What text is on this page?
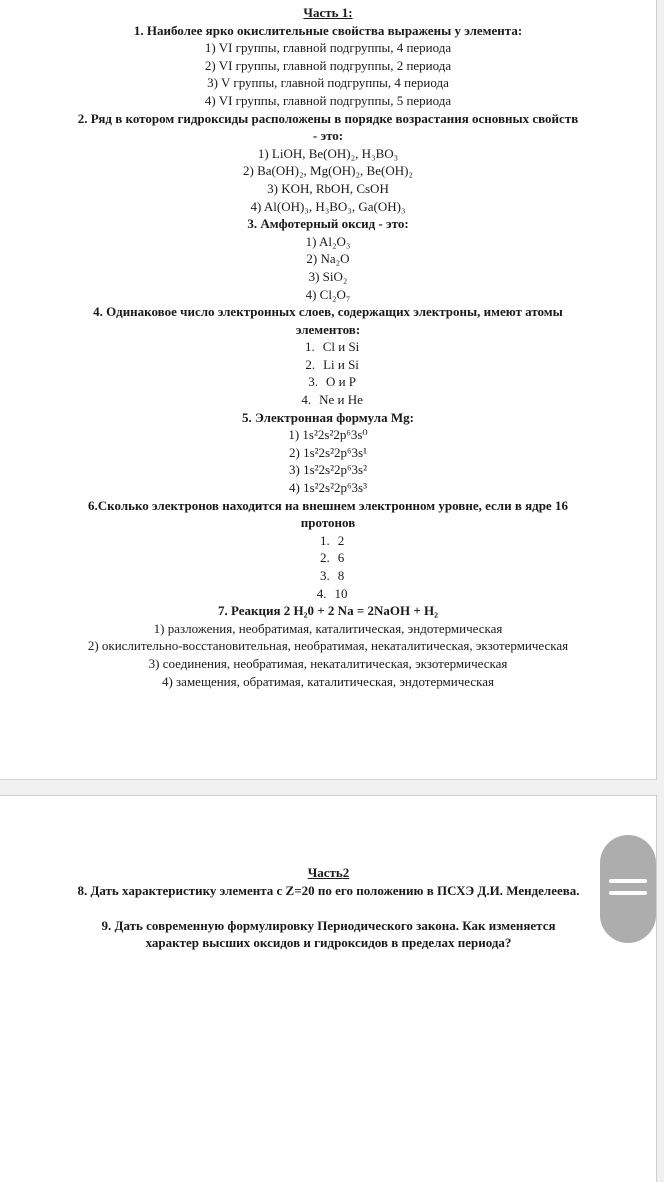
Часть 1:
1. Наиболее ярко окислительные свойства выражены у элемента:
1) VI группы, главной подгруппы, 4 периода
2) VI группы, главной подгруппы, 2 периода
3) V группы, главной подгруппы, 4 периода
4) VI группы, главной подгруппы, 5 периода
2. Ряд в котором гидроксиды расположены в порядке возрастания основных свойств
- это:
1) LiOH, Be(OH)₂, H₃BO₃
2) Ba(OH)₂, Mg(OH)₂, Be(OH)₂
3) KOH, RbOH, CsOH
4) Al(OH)₃, H₃BO₃, Ga(OH)₃
3. Амфотерный оксид - это:
1) Al₂O₃
2) Na₂O
3) SiO₂
4) Cl₂O₇
4. Одинаковое число электронных слоев, содержащих электроны, имеют атомы
элементов:
1. Cl и Si
2. Li и Si
3. O и P
4. Ne и He
5. Электронная формула Mg:
1) 1s²2s²2p⁶3s⁰
2) 1s²2s²2p⁶3s¹
3) 1s²2s²2p⁶3s²
4) 1s²2s²2p⁶3s³
6.Сколько электронов находится на внешнем электронном уровне, если в ядре 16
протонов
1. 2
2. 6
3. 8
4. 10
7. Реакция 2 H₂0 + 2 Na = 2NaOH + H₂
1) разложения, необратимая, каталитическая, эндотермическая
2) окислительно-восстановительная, необратимая, некаталитическая, экзотермическая
3) соединения, необратимая, некаталитическая, экзотермическая
4) замещения, обратимая, каталитическая, эндотермическая
Часть2
8. Дать характеристику элемента с Z=20 по его положению в ПСХЭ Д.И. Менделеева.
9. Дать современную формулировку Периодического закона. Как изменяется
характер высших оксидов и гидроксидов в пределах периода?
